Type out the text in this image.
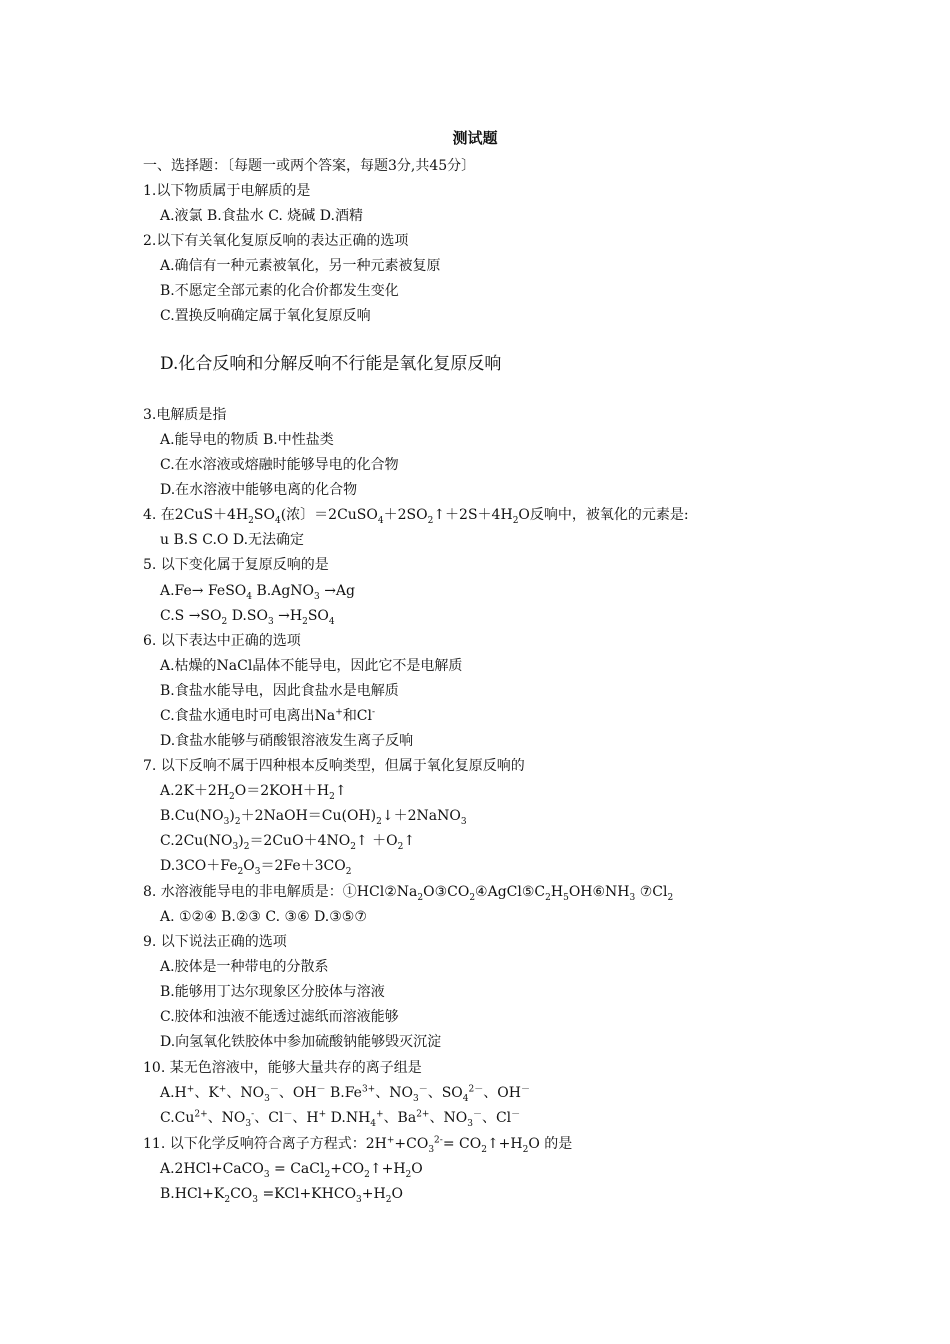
测试题
一、选择题：〔每题一或两个答案，每题3分,共45分〕
1.以下物质属于电解质的是
A.液氯 B.食盐水 C. 烧碱 D.酒精
2.以下有关氧化复原反响的表达正确的选项
A.确信有一种元素被氧化，另一种元素被复原
B.不愿定全部元素的化合价都发生变化
C.置换反响确定属于氧化复原反响
D.化合反响和分解反响不行能是氧化复原反响
3.电解质是指
A.能导电的物质 B.中性盐类
C.在水溶液或熔融时能够导电的化合物
D.在水溶液中能够电离的化合物
4. 在$2CuS+4H_2SO_4$(浓〕$=2CuSO_4+2SO_2↑+2S+4H_2O$反响中，被氧化的元素是:
u B.S C.O D.无法确定
5. 以下变化属于复原反响的是
A.Fe→ FeSO$_4$ B.AgNO$_3$ →Ag
$C.S \to SO_2$ $D.SO_3 \to H_2SO_4$
6. 以下表达中正确的选项
A.枯燥的NaCl晶体不能导电，因此它不是电解质
B.食盐水能导电，因此食盐水是电解质
C.食盐水通电时可电离出Na+和Cl-
D.食盐水能够与硝酸银溶液发生离子反响
7. 以下反响不属于四种根本反响类型，但属于氧化复原反响的
$A.2K+2H_2O=2KOH+H_2↑$
$B.Cu(NO_3)_2+2NaOH=Cu(OH)_2↓+2NaNO_3$
$C.2Cu(NO_3)_2=2CuO+4NO_2↑$ $+O_2↑$
$D.3CO+Fe_2O_3=2Fe+3CO_2$
8. 水溶液能导电的非电解质是：$①HCl②Na_2O③CO_2④AgCl⑤C_2H_5OH⑥NH_3$ $⑦Cl_2$
A. ①②④ B.②③ C. ③⑥ D.③⑤⑦
9. 以下说法正确的选项
A.胶体是一种带电的分散系
B.能够用丁达尔现象区分胶体与溶液
C.胶体和浊液不能透过滤纸而溶液能够
D.向氢氧化铁胶体中参加硫酸钠能够毁灭沉淀
10. 某无色溶液中，能够大量共存的离子组是
A.H+、K+、$NO_3^-$、OH－ $B.Fe^{3+}$、$NO_3^-$、$SO_4^{2-}$、OH－
$C.Cu^{2+}$、$NO_3^-$、Cl－、H+ $D.NH_4^+$、$Ba^{2+}$、$NO_3^-$、Cl－
11. 以下化学反响符合离子方程式：$2H^++CO_3^{2-}=$ $CO_2↑+H_2O$ 的是
A.2HCl+CaCO$_3$ = $CaCl_2+CO_2↑+H_2O$
$B.HCl+K_2CO_3$ $=KCl+KHCO_3+H_2O$
